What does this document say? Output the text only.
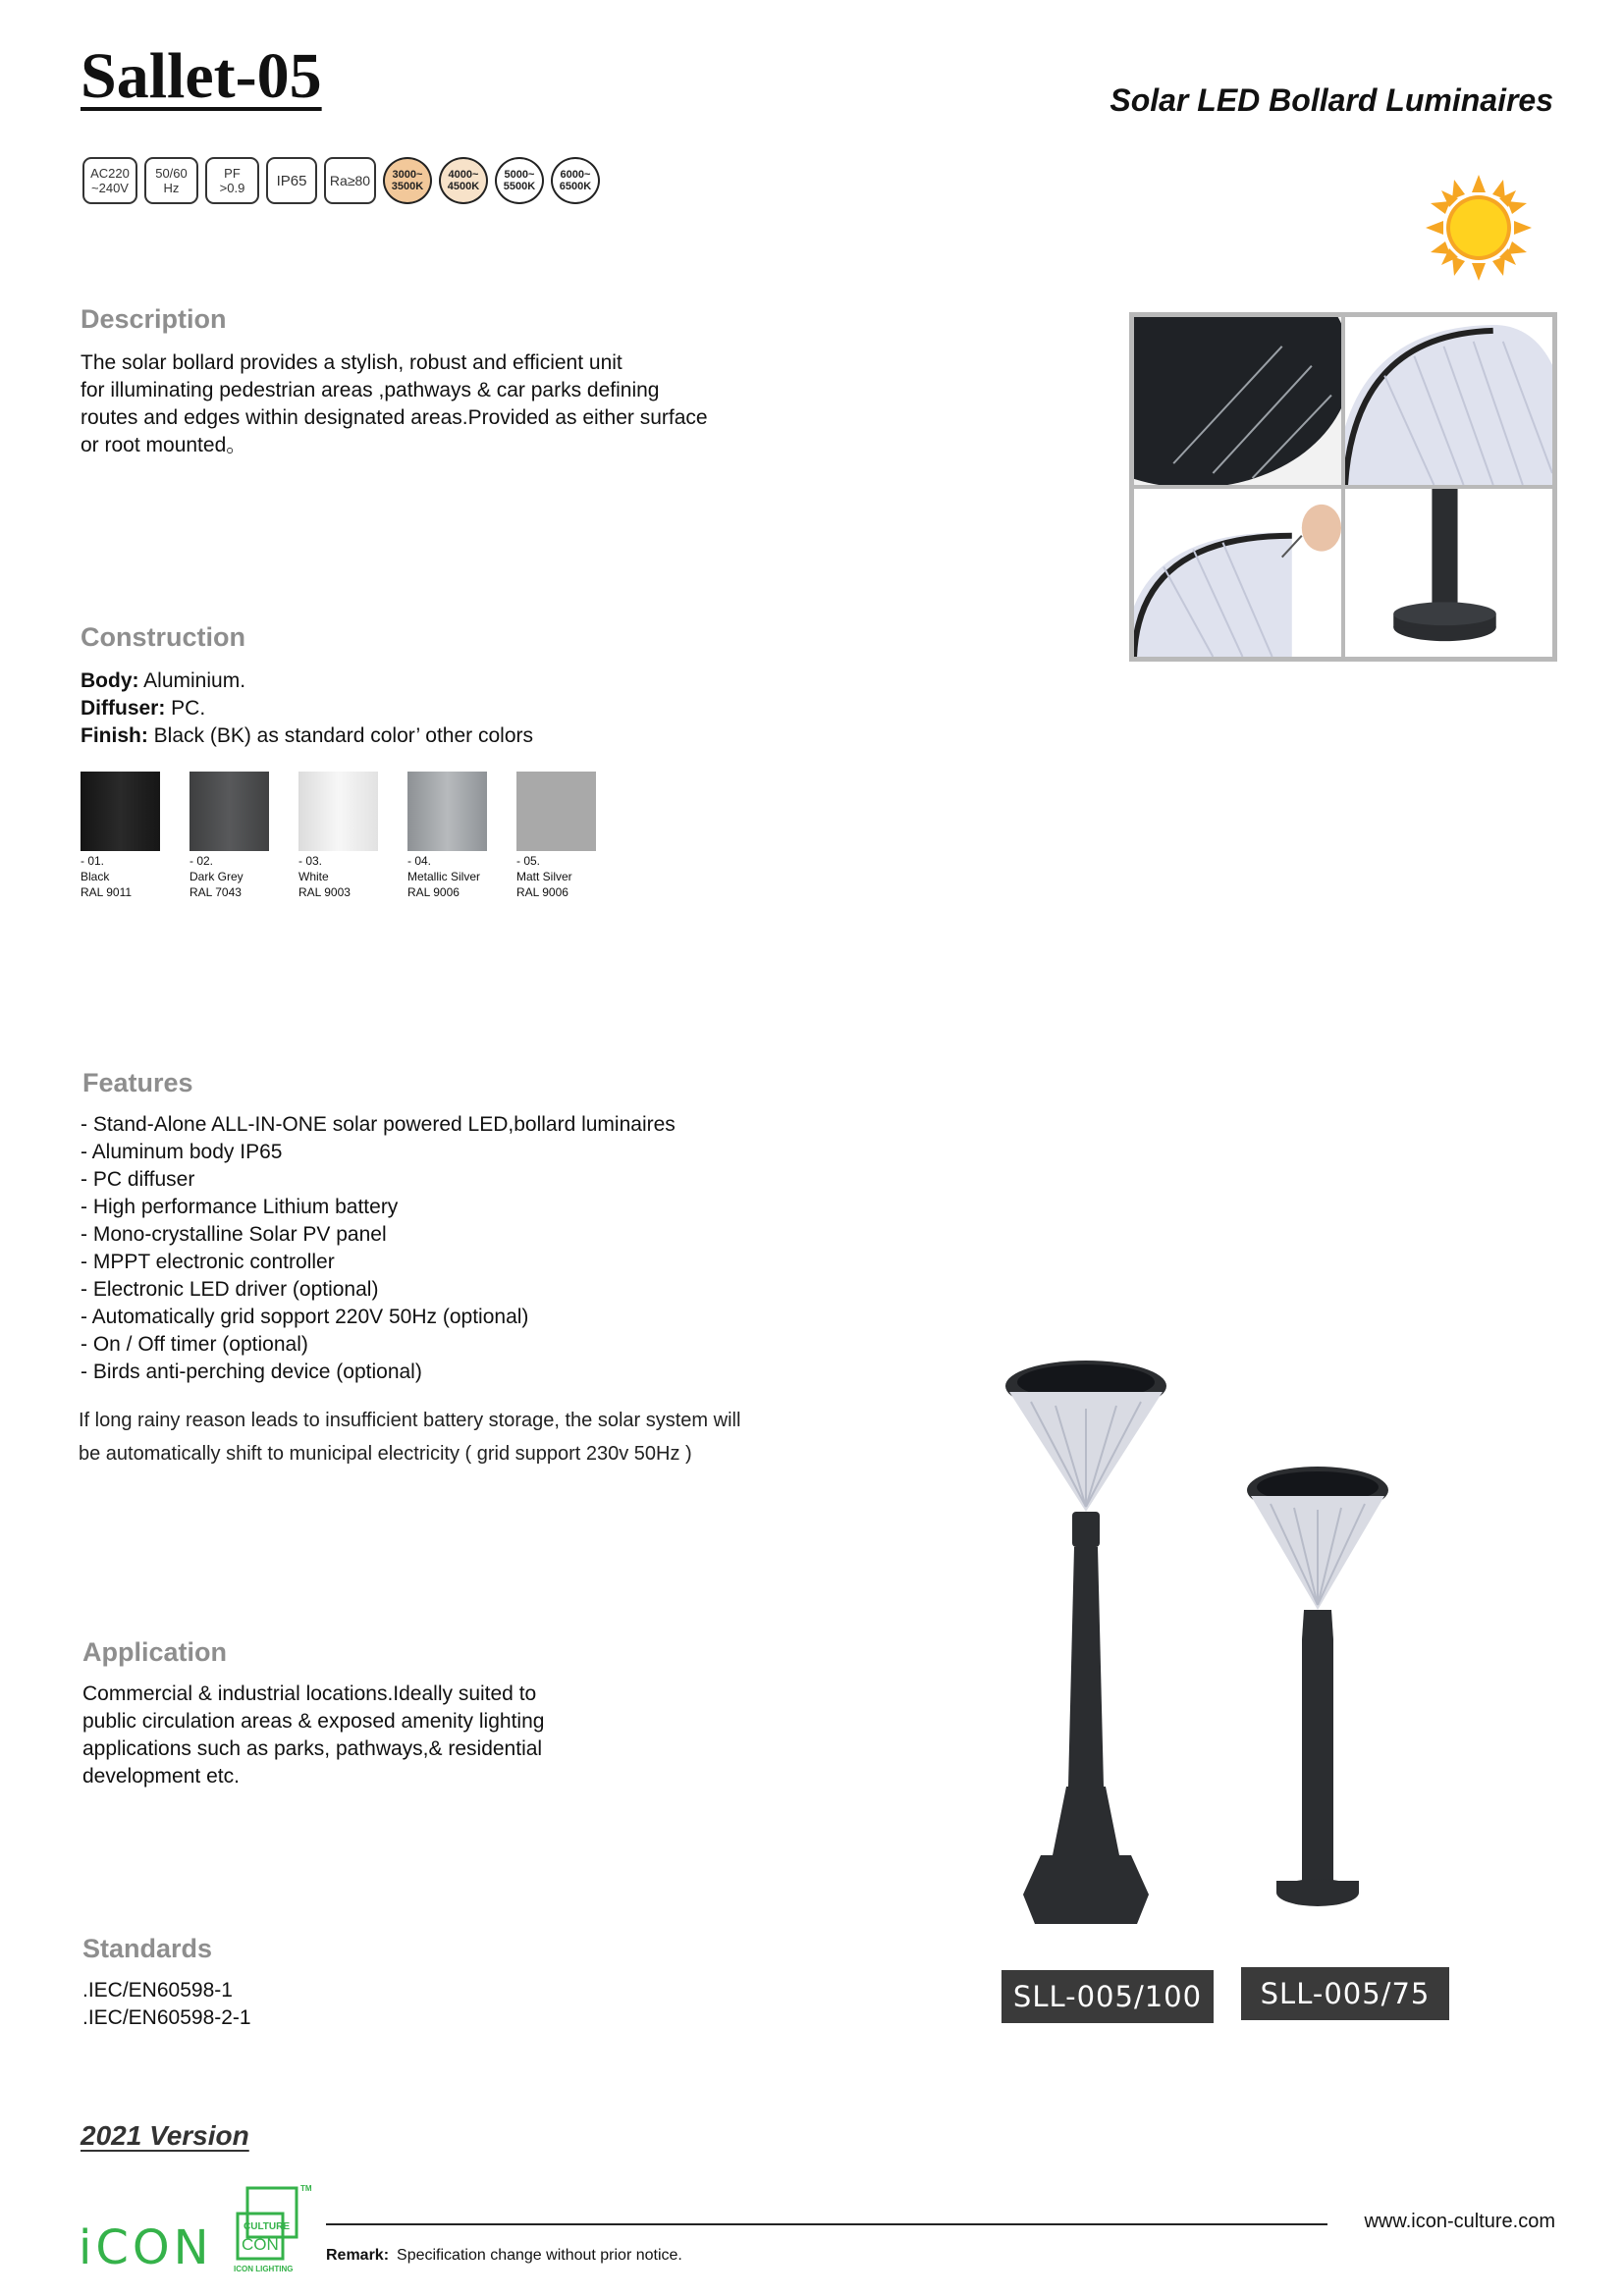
Sallet-05	Solar LED Bollard Luminaires
AC220
~240V
50/60
Hz
PF
>0.9 IP65 Ra≥80 3000~
3500K
4000~
4500K
5000~
5500K
6000~
6500K
Description
The solar bollard provides a stylish, robust and efficient unit
for illuminating pedestrian areas ,pathways & car parks defining
routes and edges within designated areas.Provided as either surface
or root mounted。
Construction
Body: Aluminium.
Diffuser: PC.
Finish: Black (BK) as standard color’ other colors
- 01.
Black
RAL 9011
- 02.
Dark Grey
RAL 7043
- 03.
White
RAL 9003
- 04.
Metallic Silver
RAL 9006
- 05.
Matt Silver
RAL 9006
Features
- Stand-Alone ALL-IN-ONE solar powered LED,bollard luminaires
- Aluminum body IP65
- PC diffuser
- High performance Lithium battery
- Mono-crystalline Solar PV panel
- MPPT electronic controller
- Electronic LED driver (optional)
- Automatically grid sopport 220V 50Hz (optional)
- On / Off timer (optional)
- Birds anti-perching device (optional)
If long rainy reason leads to insufficient battery storage, the solar system will
be automatically shift to municipal electricity ( grid support 230v 50Hz )
Application
Commercial & industrial locations.Ideally suited to
public circulation areas & exposed amenity lighting
applications such as parks, pathways,& residential
development etc.
Standards
.IEC/EN60598-1
.IEC/EN60598-2-1
SLL-005/100	SLL-005/75
2021 Version
iCON
TM
CULTURE
CON
ICON LIGHTING
www.icon-culture.com
Remark: Specification change without prior notice.
